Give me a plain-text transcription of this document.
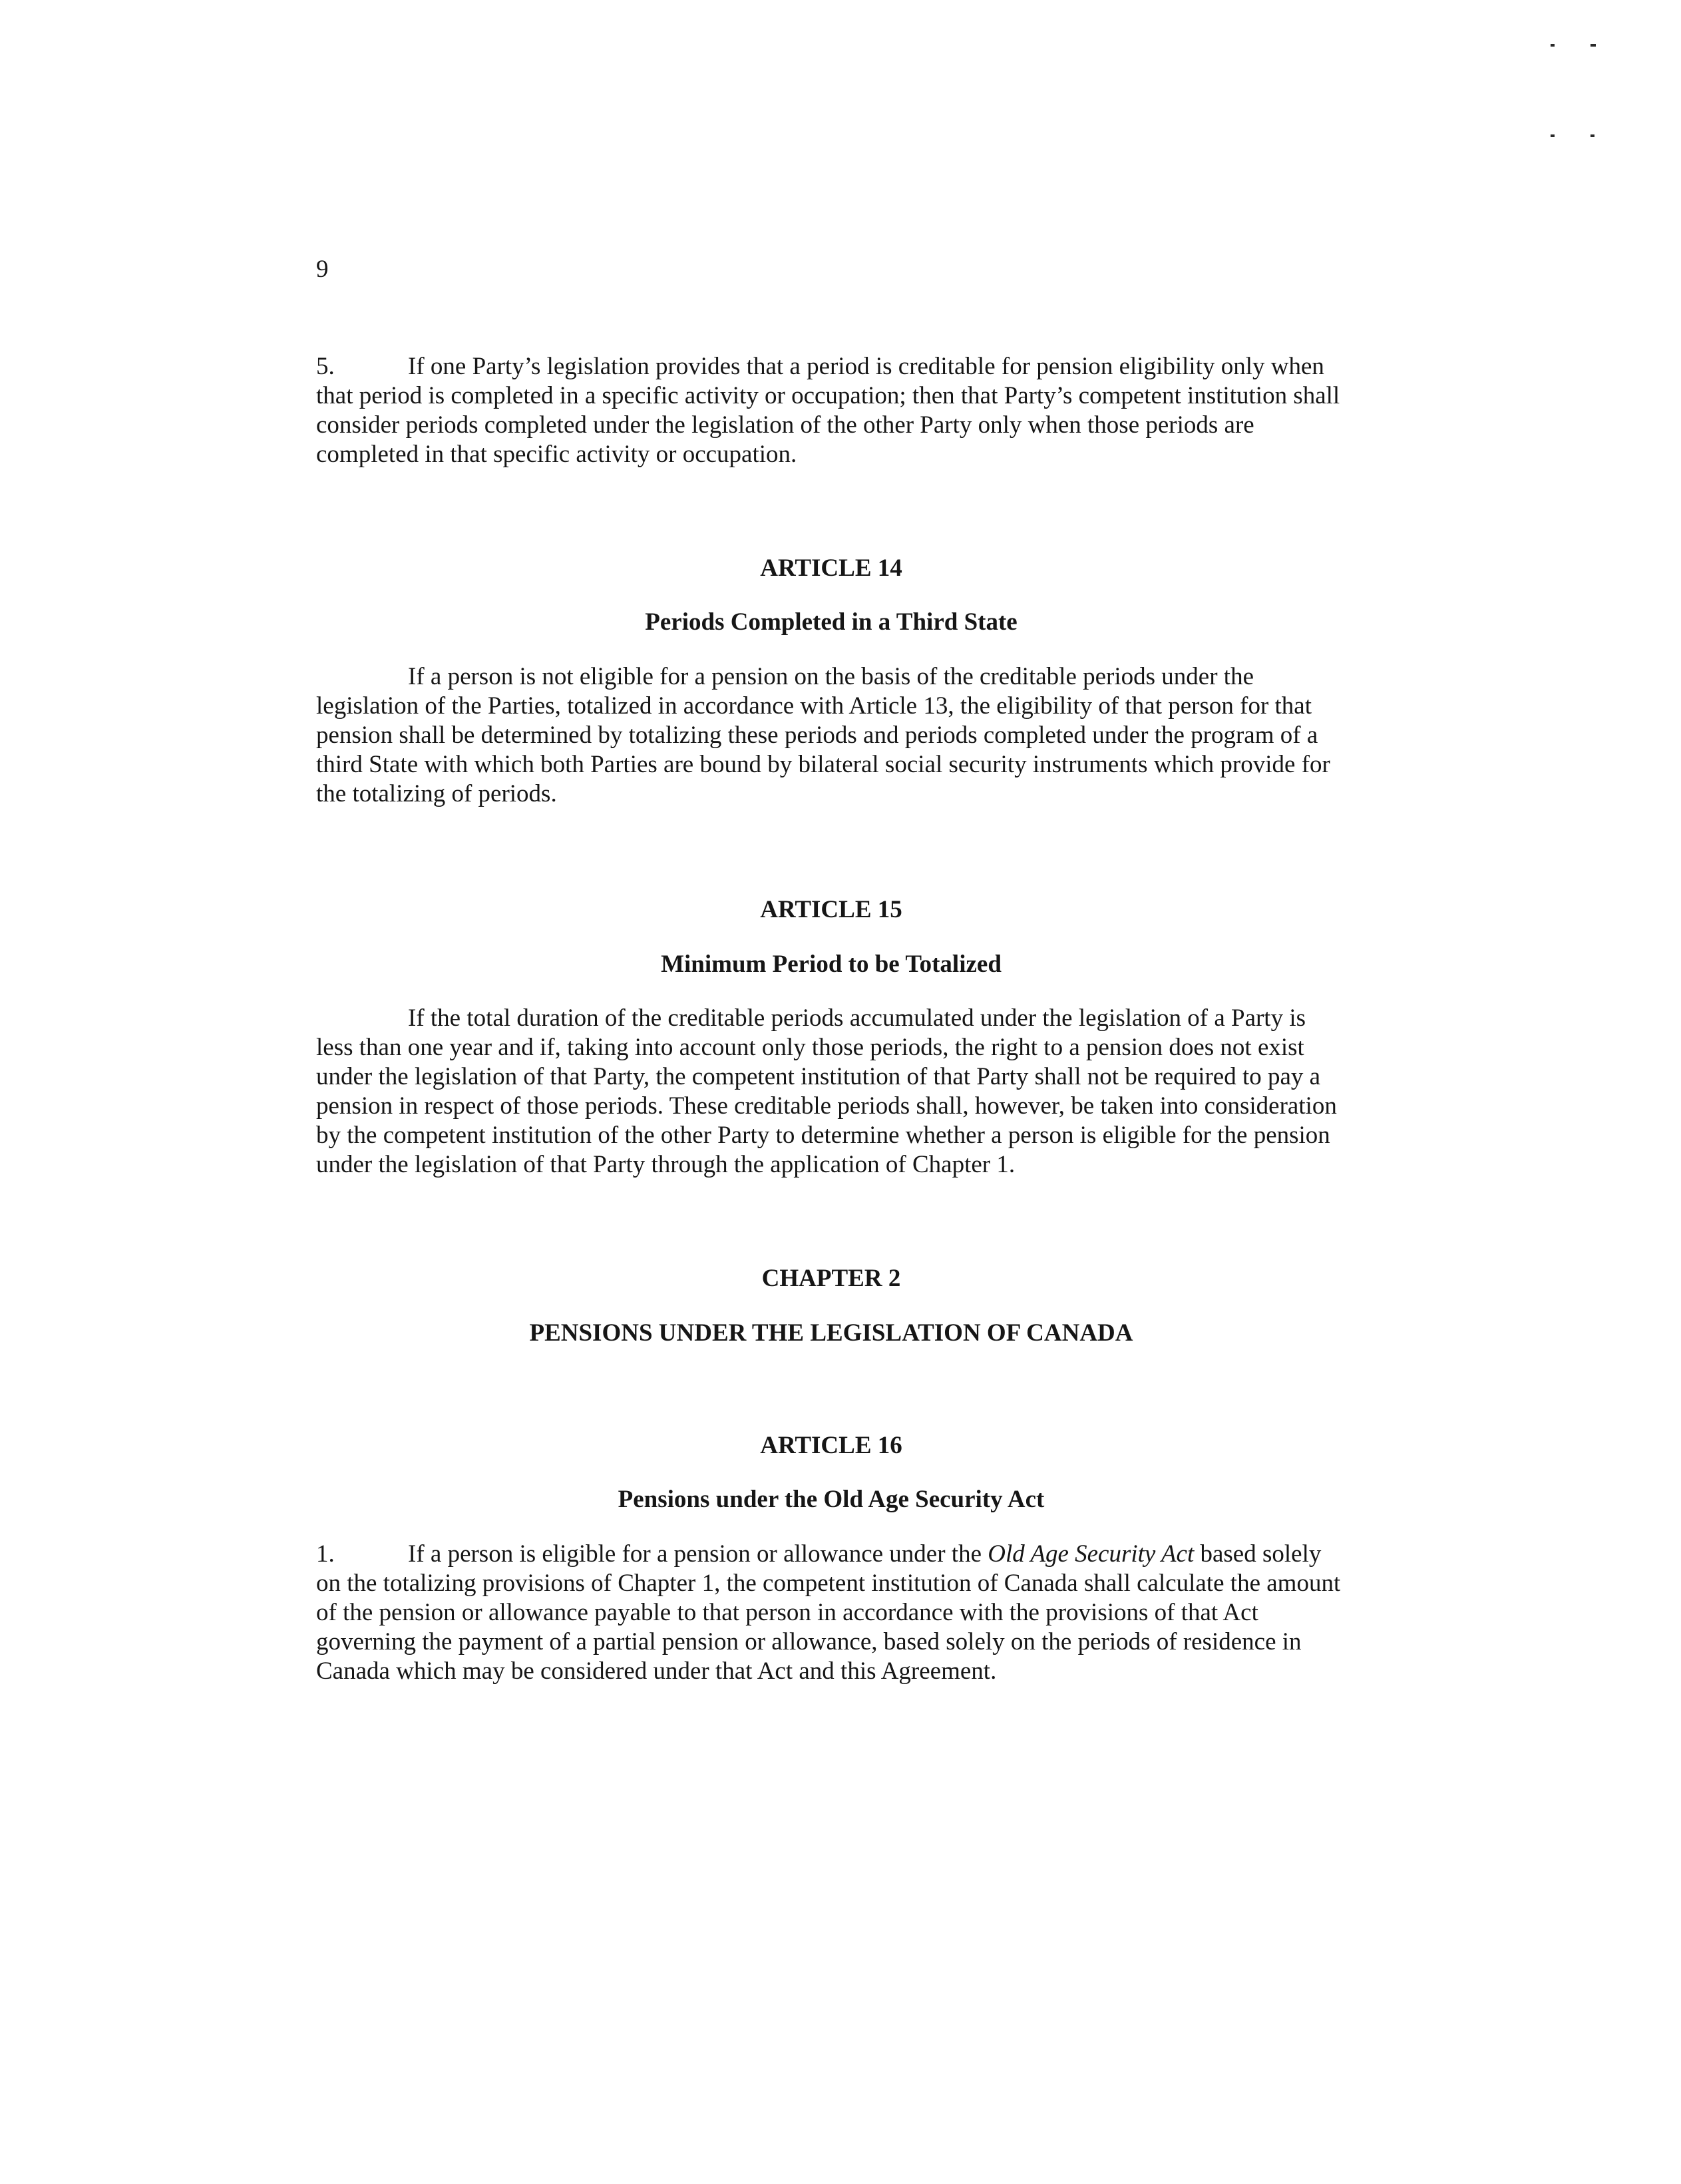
9

5.	If one Party’s legislation provides that a period is creditable for pension eligibility only when that period is completed in a specific activity or occupation; then that Party’s competent institution shall consider periods completed under the legislation of the other Party only when those periods are completed in that specific activity or occupation.

ARTICLE 14
Periods Completed in a Third State

If a person is not eligible for a pension on the basis of the creditable periods under the legislation of the Parties, totalized in accordance with Article 13, the eligibility of that person for that pension shall be determined by totalizing these periods and periods completed under the program of a third State with which both Parties are bound by bilateral social security instruments which provide for the totalizing of periods.

ARTICLE 15
Minimum Period to be Totalized

If the total duration of the creditable periods accumulated under the legislation of a Party is less than one year and if, taking into account only those periods, the right to a pension does not exist under the legislation of that Party, the competent institution of that Party shall not be required to pay a pension in respect of those periods. These creditable periods shall, however, be taken into consideration by the competent institution of the other Party to determine whether a person is eligible for the pension under the legislation of that Party through the application of Chapter 1.

CHAPTER 2
PENSIONS UNDER THE LEGISLATION OF CANADA
ARTICLE 16
Pensions under the Old Age Security Act

1.	If a person is eligible for a pension or allowance under the Old Age Security Act based solely on the totalizing provisions of Chapter 1, the competent institution of Canada shall calculate the amount of the pension or allowance payable to that person in accordance with the provisions of that Act governing the payment of a partial pension or allowance, based solely on the periods of residence in Canada which may be considered under that Act and this Agreement.
